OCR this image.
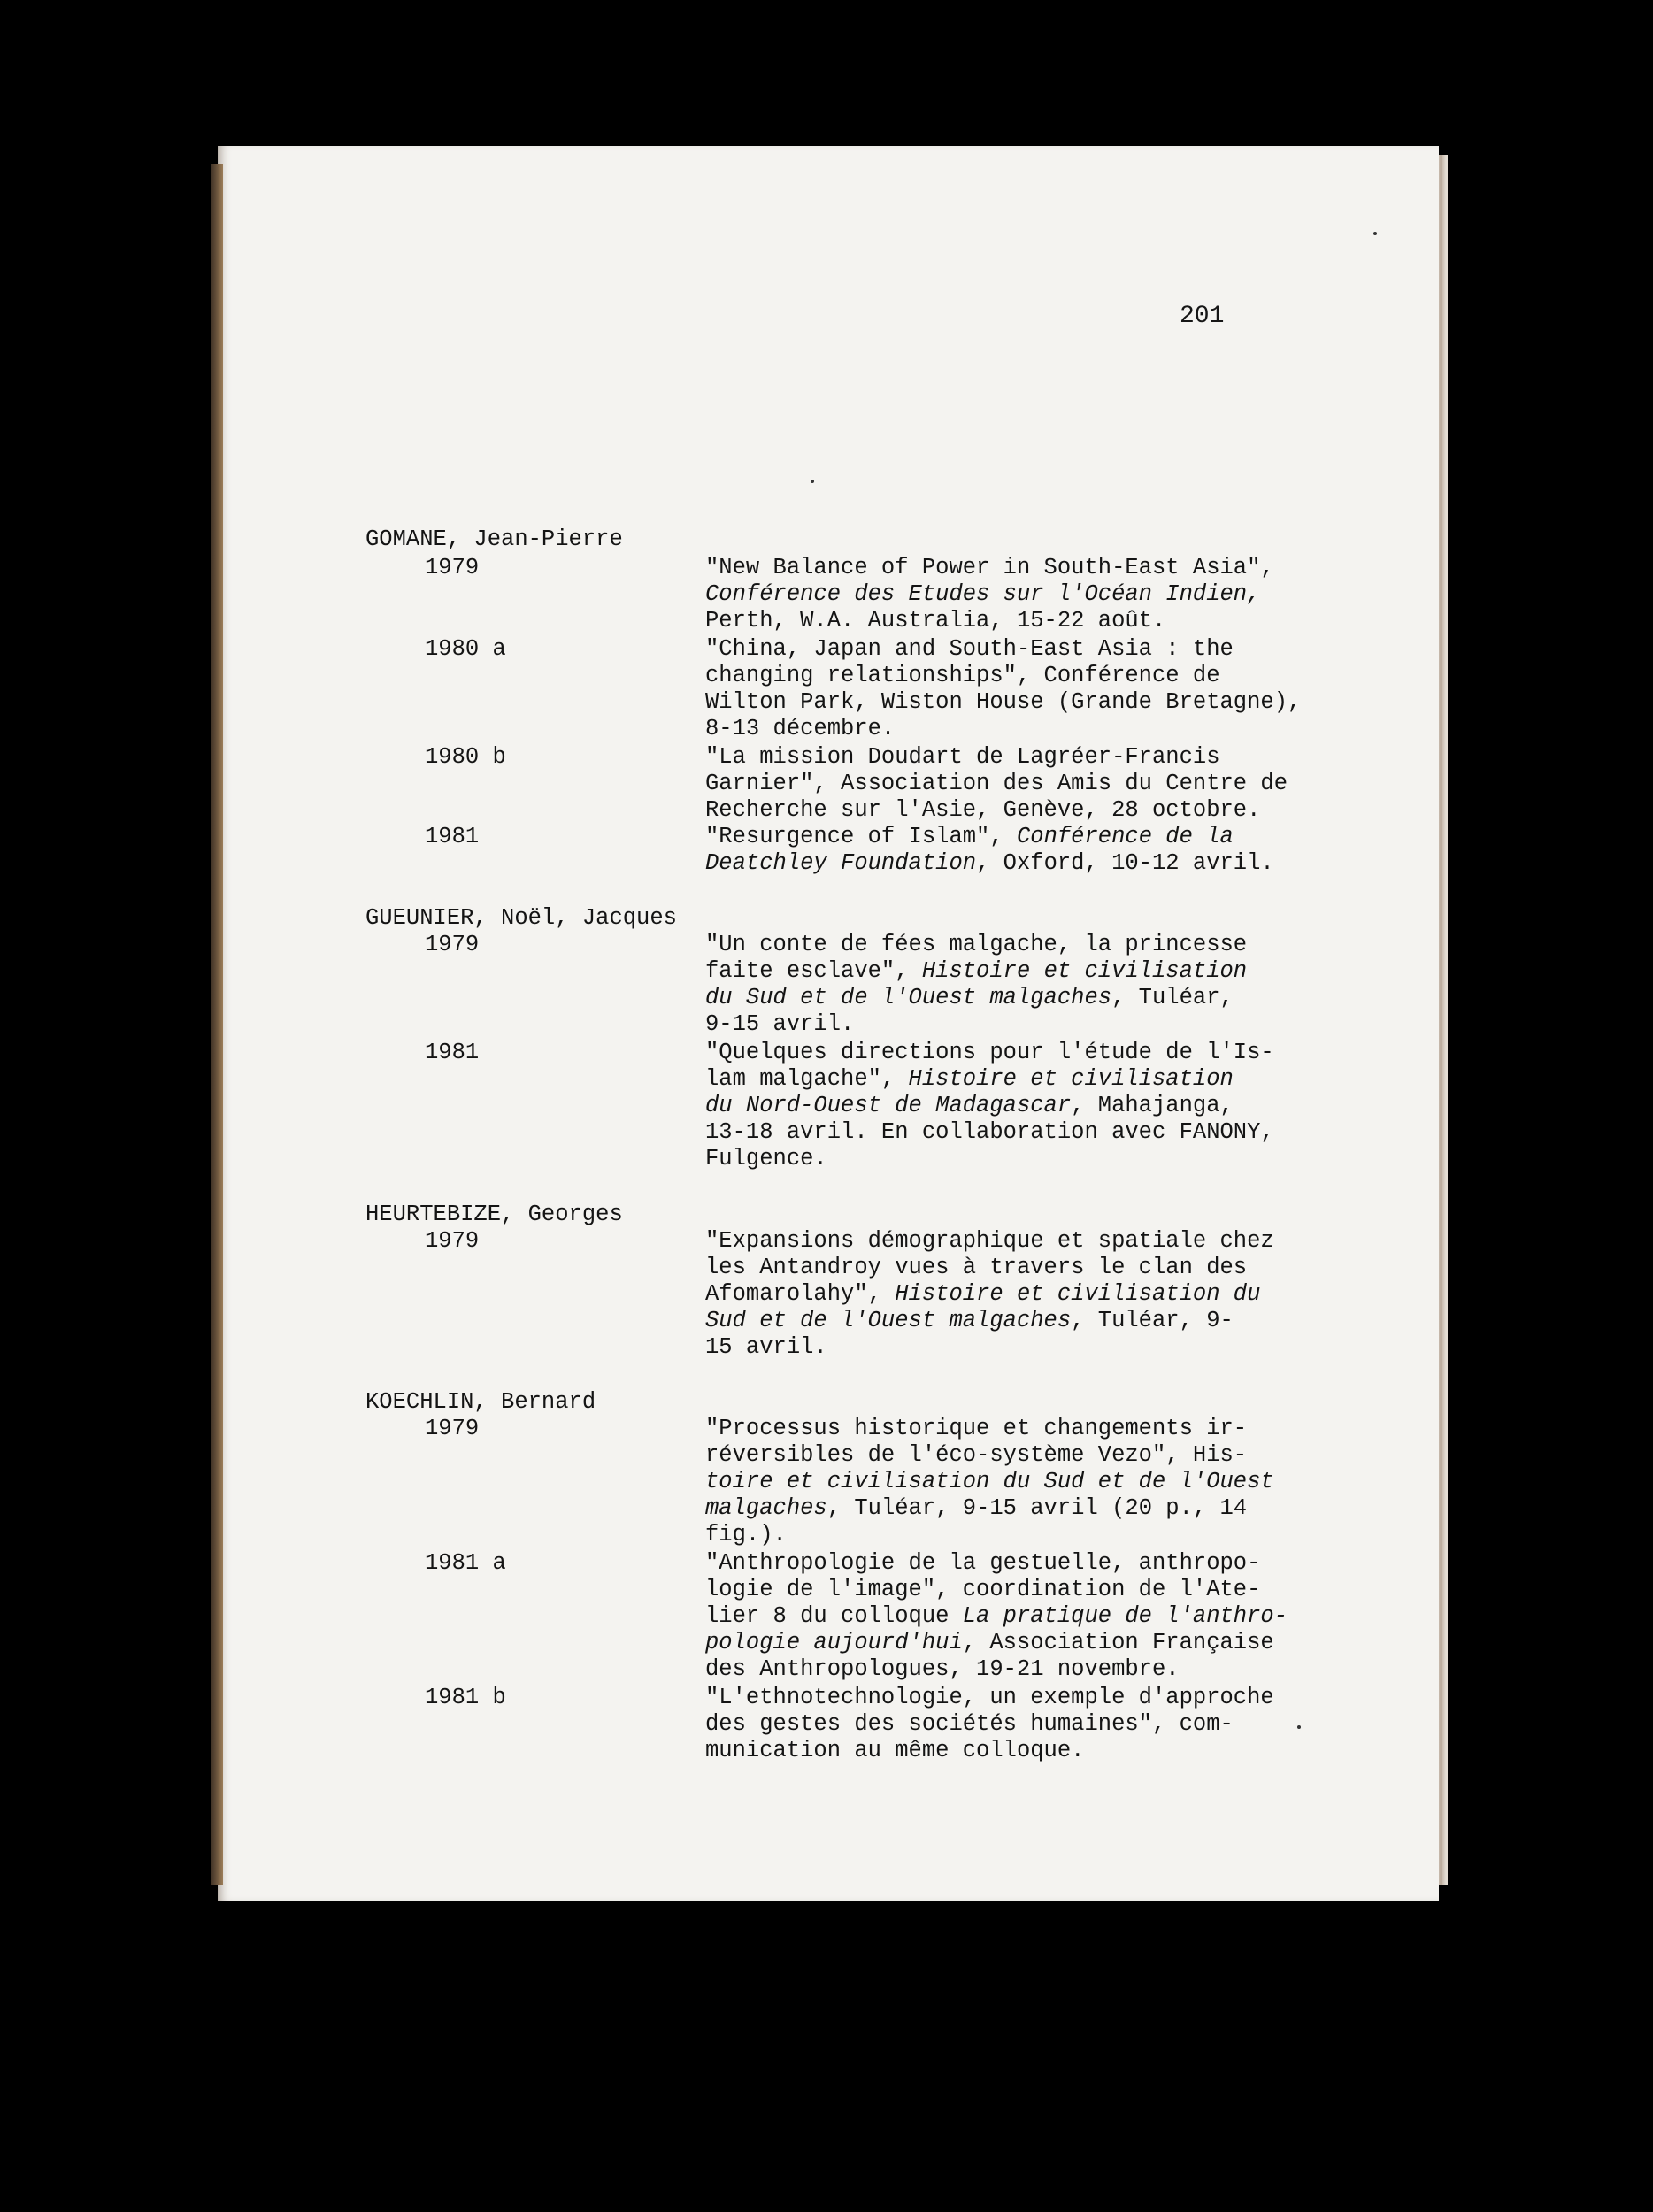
201

GOMANE, Jean-Pierre

1979	"New Balance of Power in South-East Asia",

Conférence des Etudes sur l'Océan Indien,

Perth, W.A. Australia, 15-22 août.

1980 a	"China, Japan and South-East Asia : the

changing relationships", Conférence de

Wilton Park, Wiston House (Grande Bretagne),

8-13 décembre.

1980 b	"La mission Doudart de Lagréer-Francis

Garnier", Association des Amis du Centre de

Recherche sur l'Asie, Genève, 28 octobre.

1981	"Resurgence of Islam", Conférence de la

Deatchley Foundation, Oxford, 10-12 avril.

GUEUNIER, Noël, Jacques

1979	"Un conte de fées malgache, la princesse

faite esclave", Histoire et civilisation

du Sud et de l'Ouest malgaches, Tuléar,

9-15 avril.

1981	"Quelques directions pour l'étude de l'Is-

lam malgache", Histoire et civilisation

du Nord-Ouest de Madagascar, Mahajanga,

13-18 avril. En collaboration avec FANONY,

Fulgence.

HEURTEBIZE, Georges

1979	"Expansions démographique et spatiale chez

les Antandroy vues à travers le clan des

Afomarolahy", Histoire et civilisation du

Sud et de l'Ouest malgaches, Tuléar, 9-

15 avril.

KOECHLIN, Bernard

1979	"Processus historique et changements ir-

réversibles de l'éco-système Vezo", His-

toire et civilisation du Sud et de l'Ouest

malgaches, Tuléar, 9-15 avril (20 p., 14

fig.).

1981 a	"Anthropologie de la gestuelle, anthropo-

logie de l'image", coordination de l'Ate-

lier 8 du colloque La pratique de l'anthro-

pologie aujourd'hui, Association Française

des Anthropologues, 19-21 novembre.

1981 b	"L'ethnotechnologie, un exemple d'approche

des gestes des sociétés humaines", com-

munication au même colloque.
